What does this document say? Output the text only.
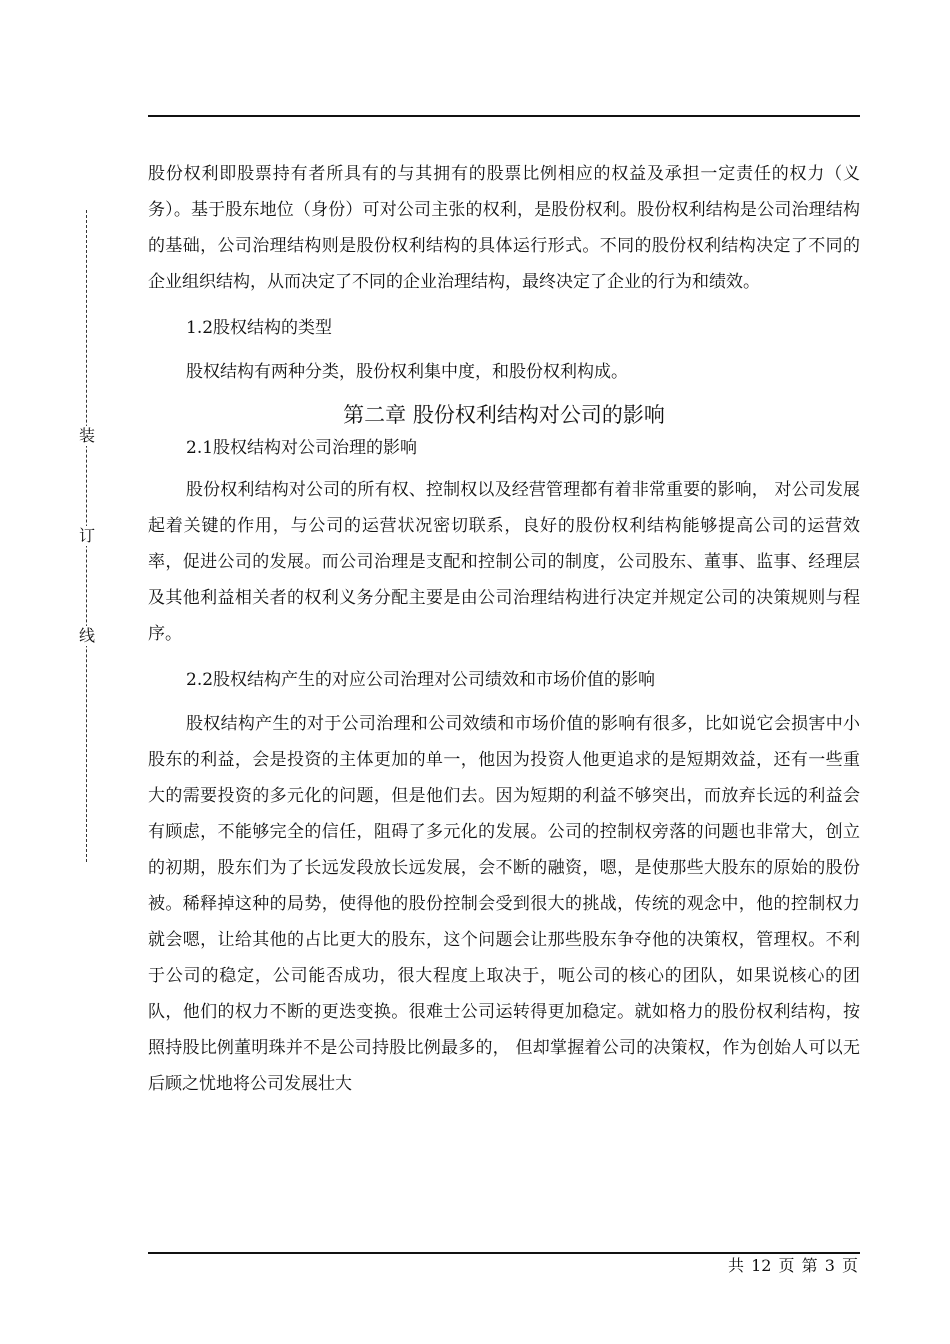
装
订
线

股份权利即股票持有者所具有的与其拥有的股票比例相应的权益及承担一定责任的权力（义务）。基于股东地位（身份）可对公司主张的权利，是股份权利。股份权利结构是公司治理结构的基础，公司治理结构则是股份权利结构的具体运行形式。不同的股份权利结构决定了不同的企业组织结构，从而决定了不同的企业治理结构，最终决定了企业的行为和绩效。

1.2股权结构的类型

股权结构有两种分类，股份权利集中度，和股份权利构成。

第二章 股份权利结构对公司的影响

2.1股权结构对公司治理的影响

股份权利结构对公司的所有权、控制权以及经营管理都有着非常重要的影响， 对公司发展起着关键的作用，与公司的运营状况密切联系，良好的股份权利结构能够提高公司的运营效率，促进公司的发展。而公司治理是支配和控制公司的制度，公司股东、董事、监事、经理层及其他利益相关者的权利义务分配主要是由公司治理结构进行决定并规定公司的决策规则与程序。

2.2股权结构产生的对应公司治理对公司绩效和市场价值的影响

股权结构产生的对于公司治理和公司效绩和市场价值的影响有很多，比如说它会损害中小股东的利益，会是投资的主体更加的单一，他因为投资人他更追求的是短期效益，还有一些重大的需要投资的多元化的问题，但是他们去。因为短期的利益不够突出，而放弃长远的利益会有顾虑，不能够完全的信任，阻碍了多元化的发展。公司的控制权旁落的问题也非常大，创立的初期，股东们为了长远发段放长远发展，会不断的融资，嗯，是使那些大股东的原始的股份被。稀释掉这种的局势，使得他的股份控制会受到很大的挑战，传统的观念中，他的控制权力就会嗯，让给其他的占比更大的股东，这个问题会让那些股东争夺他的决策权，管理权。不利于公司的稳定，公司能否成功，很大程度上取决于，呃公司的核心的团队，如果说核心的团队，他们的权力不断的更迭变换。很难士公司运转得更加稳定。就如格力的股份权利结构，按照持股比例董明珠并不是公司持股比例最多的， 但却掌握着公司的决策权，作为创始人可以无后顾之忧地将公司发展壮大

共 12 页 第 3 页
